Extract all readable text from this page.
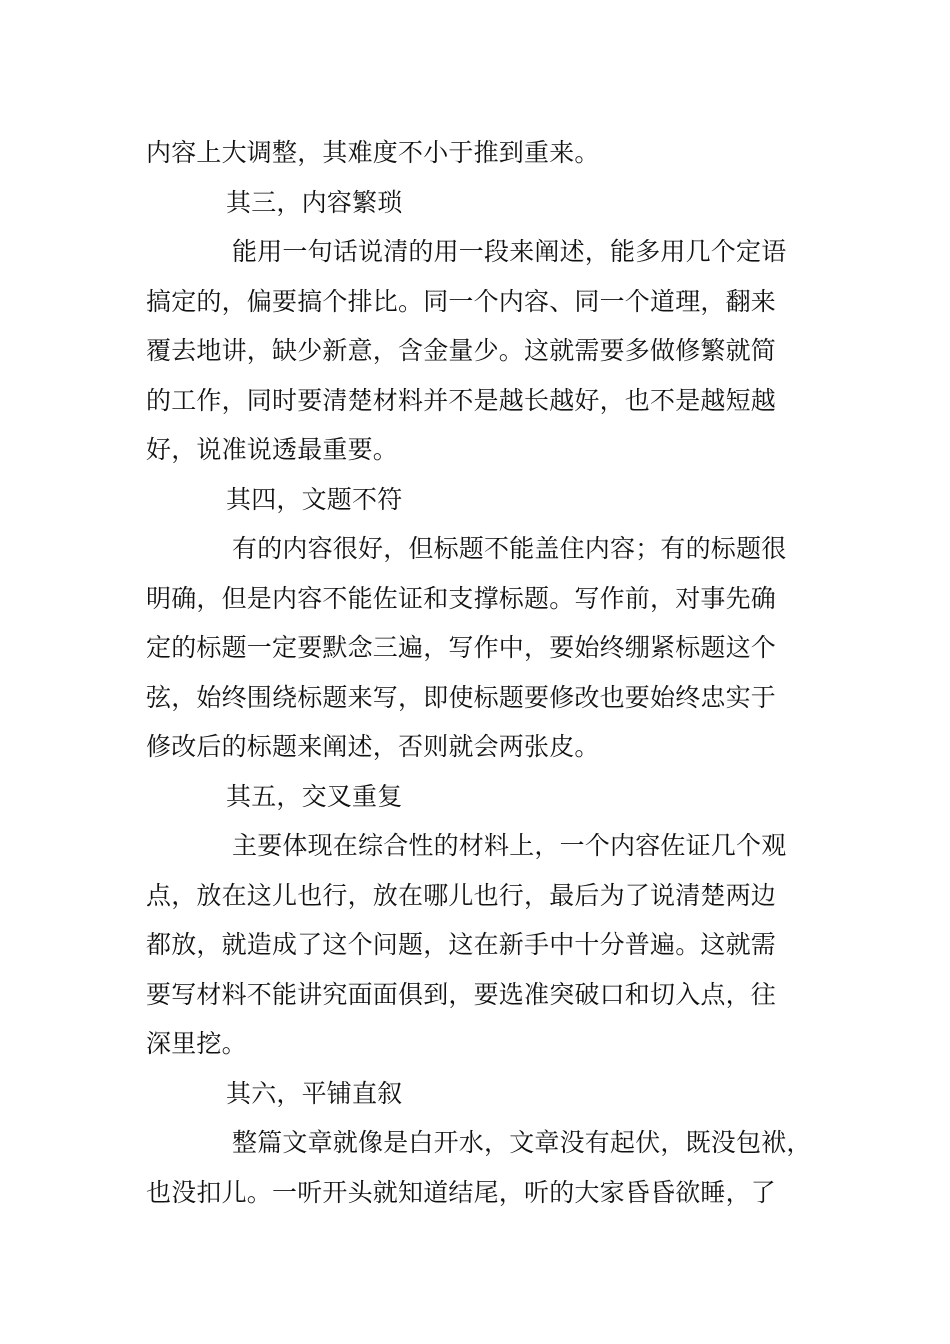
内容上大调整，其难度不小于推到重来。
其三，内容繁琐
能用一句话说清的用一段来阐述，能多用几个定语
搞定的，偏要搞个排比。同一个内容、同一个道理，翻来
覆去地讲，缺少新意，含金量少。这就需要多做修繁就简
的工作，同时要清楚材料并不是越长越好，也不是越短越
好，说准说透最重要。
其四，文题不符
有的内容很好，但标题不能盖住内容；有的标题很
明确，但是内容不能佐证和支撑标题。写作前，对事先确
定的标题一定要默念三遍，写作中，要始终绷紧标题这个
弦，始终围绕标题来写，即使标题要修改也要始终忠实于
修改后的标题来阐述，否则就会两张皮。
其五，交叉重复
主要体现在综合性的材料上，一个内容佐证几个观
点，放在这儿也行，放在哪儿也行，最后为了说清楚两边
都放，就造成了这个问题，这在新手中十分普遍。这就需
要写材料不能讲究面面俱到，要选准突破口和切入点，往
深里挖。
其六，平铺直叙
整篇文章就像是白开水，文章没有起伏，既没包袱，
也没扣儿。一听开头就知道结尾，听的大家昏昏欲睡，了
